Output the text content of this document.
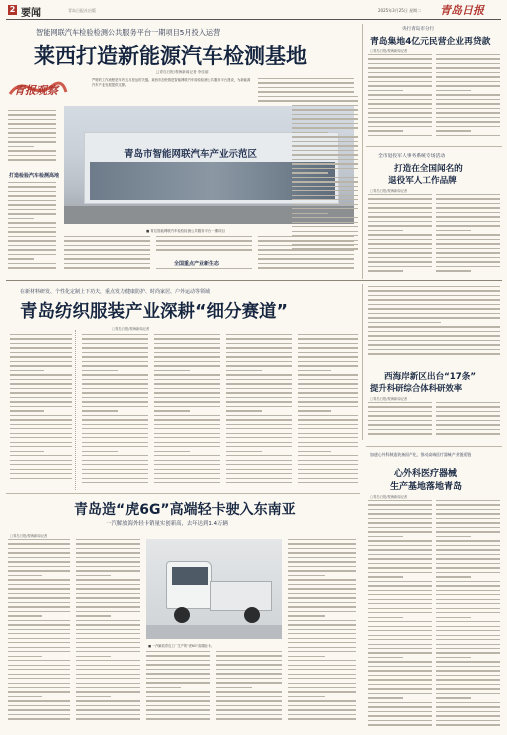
2 要闻	青岛日报社出版	2025年3月25日 星期二 青岛日报
智能网联汽车检验检测公共服务平台一期项目5月投入运营
莱西打造新能源汽车检测基地
□青岛日报/观海新闻记者 李佳丽
青报观察
严格的工作流程是年内五月投运的关键。莱西市加快推进智能网联汽车检验检测公共服务平台建设，为新能源汽车产业发展提供支撑。
打造检验汽车检测高地
青岛市智能网联汽车产业示范区
■ 青岛智能网联汽车检验检测公共服务平台一期项目
全国重点产业新生态
央行青岛市分行
青岛集地4亿元民营企业再贷款
□青岛日报/观海新闻记者
全市退役军人事务系统专场活动
打造在全国闻名的
退役军人工作品牌
□青岛日报/观海新闻记者
在新材料研发、个性化定制上下功夫，重点发力健康防护、时尚家居、户外运动等领域
青岛纺织服装产业深耕“细分赛道”
□青岛日报/观海新闻记者
西海岸新区出台“17条”
提升科研综合体科研效率
□青岛日报/观海新闻记者
青岛造“虎6G”高端轻卡驶入东南亚
一汽解放海外轻卡销量实创新高，去年达到1.4万辆
□青岛日报/观海新闻记者
■ 一汽解放青岛工厂生产的“虎6G”高端轻卡。
加速心外科制造装备国产化，推动高端医疗器械产业链延链
心外科医疗器械
生产基地落地青岛
□青岛日报/观海新闻记者
